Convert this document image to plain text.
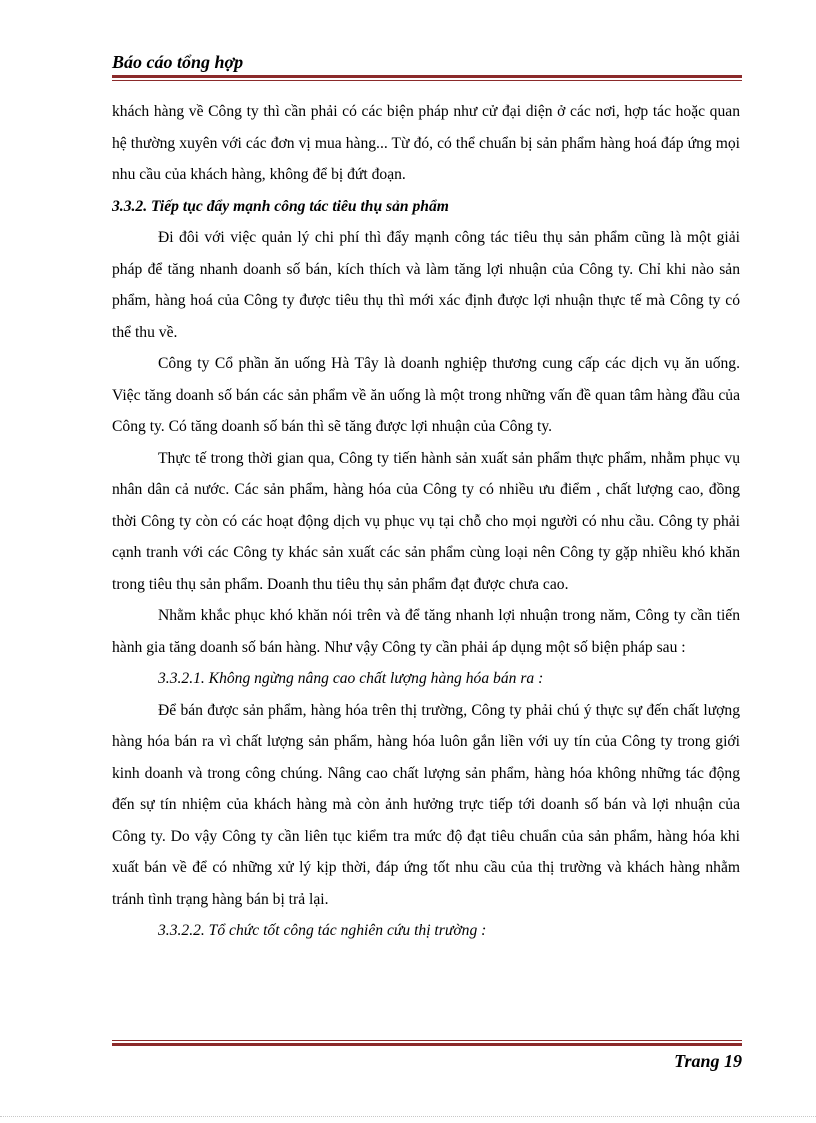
Báo cáo tổng hợp

khách hàng về Công ty thì cần phải có các biện pháp như cử đại diện ở các nơi, hợp tác hoặc quan hệ thường xuyên với các đơn vị mua hàng... Từ đó, có thể chuẩn bị sản phẩm hàng hoá đáp ứng mọi nhu cầu của khách hàng, không để bị đứt đoạn.

3.3.2. Tiếp tục đẩy mạnh công tác tiêu thụ sản phẩm

Đi đôi với việc quản lý chi phí thì đẩy mạnh công tác tiêu thụ sản phẩm cũng là một giải pháp để tăng nhanh doanh số bán, kích thích và làm tăng lợi nhuận của Công ty. Chỉ khi nào sản phẩm, hàng hoá của Công ty được tiêu thụ thì mới xác định được lợi nhuận thực tế mà Công ty có thể thu về.

Công ty Cổ phần ăn uống Hà Tây là doanh nghiệp thương cung cấp các dịch vụ ăn uống. Việc tăng doanh số bán các sản phẩm về ăn uống là một trong những vấn đề quan tâm hàng đầu của Công ty. Có tăng doanh số bán thì sẽ tăng được lợi nhuận của Công ty.

Thực tế trong thời gian qua, Công ty tiến hành sản xuất sản phẩm thực phẩm, nhằm phục vụ nhân dân cả nước. Các sản phẩm, hàng hóa của Công ty có nhiều ưu điểm , chất lượng cao, đồng thời Công ty còn có các hoạt động dịch vụ phục vụ tại chỗ cho mọi người có nhu cầu. Công ty phải cạnh tranh với các Công ty khác sản xuất các sản phẩm cùng loại nên Công ty gặp nhiều khó khăn trong tiêu thụ sản phẩm. Doanh thu tiêu thụ sản phẩm đạt được chưa cao.

Nhằm khắc phục khó khăn nói trên và để tăng nhanh lợi nhuận trong năm, Công ty cần tiến hành gia tăng doanh số bán hàng. Như vậy Công ty cần phải áp dụng một số biện pháp sau :

3.3.2.1. Không ngừng nâng cao chất lượng hàng hóa bán ra :

Để bán được sản phẩm, hàng hóa trên thị trường, Công ty phải chú ý thực sự đến chất lượng hàng hóa bán ra vì chất lượng sản phẩm, hàng hóa luôn gắn liền với uy tín của Công ty trong giới kinh doanh và trong công chúng. Nâng cao chất lượng sản phẩm, hàng hóa không những tác động đến sự tín nhiệm của khách hàng mà còn ảnh hưởng trực tiếp tới doanh số bán và lợi nhuận của Công ty. Do vậy Công ty cần liên tục kiểm tra mức độ đạt tiêu chuẩn của sản phẩm, hàng hóa khi xuất bán về để có những xử lý kịp thời, đáp ứng tốt nhu cầu của thị trường và khách hàng nhằm tránh tình trạng hàng bán bị trả lại.

3.3.2.2. Tổ chức tốt công tác nghiên cứu thị trường :
Trang 19
